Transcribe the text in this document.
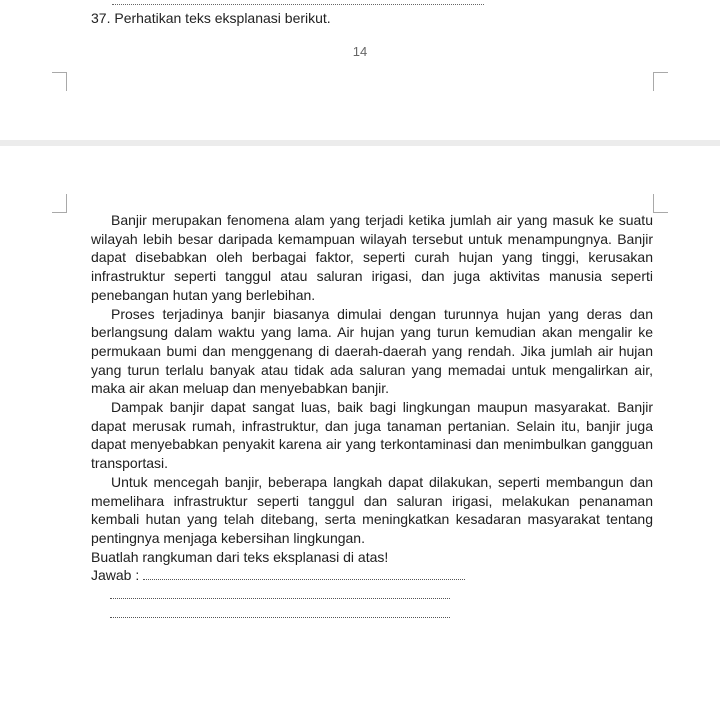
37. Perhatikan teks eksplanasi berikut.
14

Banjir merupakan fenomena alam yang terjadi ketika jumlah air yang masuk ke suatu wilayah lebih besar daripada kemampuan wilayah tersebut untuk menampungnya. Banjir dapat disebabkan oleh berbagai faktor, seperti curah hujan yang tinggi, kerusakan infrastruktur seperti tanggul atau saluran irigasi, dan juga aktivitas manusia seperti penebangan hutan yang berlebihan.

Proses terjadinya banjir biasanya dimulai dengan turunnya hujan yang deras dan berlangsung dalam waktu yang lama. Air hujan yang turun kemudian akan mengalir ke permukaan bumi dan menggenang di daerah-daerah yang rendah. Jika jumlah air hujan yang turun terlalu banyak atau tidak ada saluran yang memadai untuk mengalirkan air, maka air akan meluap dan menyebabkan banjir.

Dampak banjir dapat sangat luas, baik bagi lingkungan maupun masyarakat. Banjir dapat merusak rumah, infrastruktur, dan juga tanaman pertanian. Selain itu, banjir juga dapat menyebabkan penyakit karena air yang terkontaminasi dan menimbulkan gangguan transportasi.

Untuk mencegah banjir, beberapa langkah dapat dilakukan, seperti membangun dan memelihara infrastruktur seperti tanggul dan saluran irigasi, melakukan penanaman kembali hutan yang telah ditebang, serta meningkatkan kesadaran masyarakat tentang pentingnya menjaga kebersihan lingkungan.

Buatlah rangkuman dari teks eksplanasi di atas!

Jawab :
